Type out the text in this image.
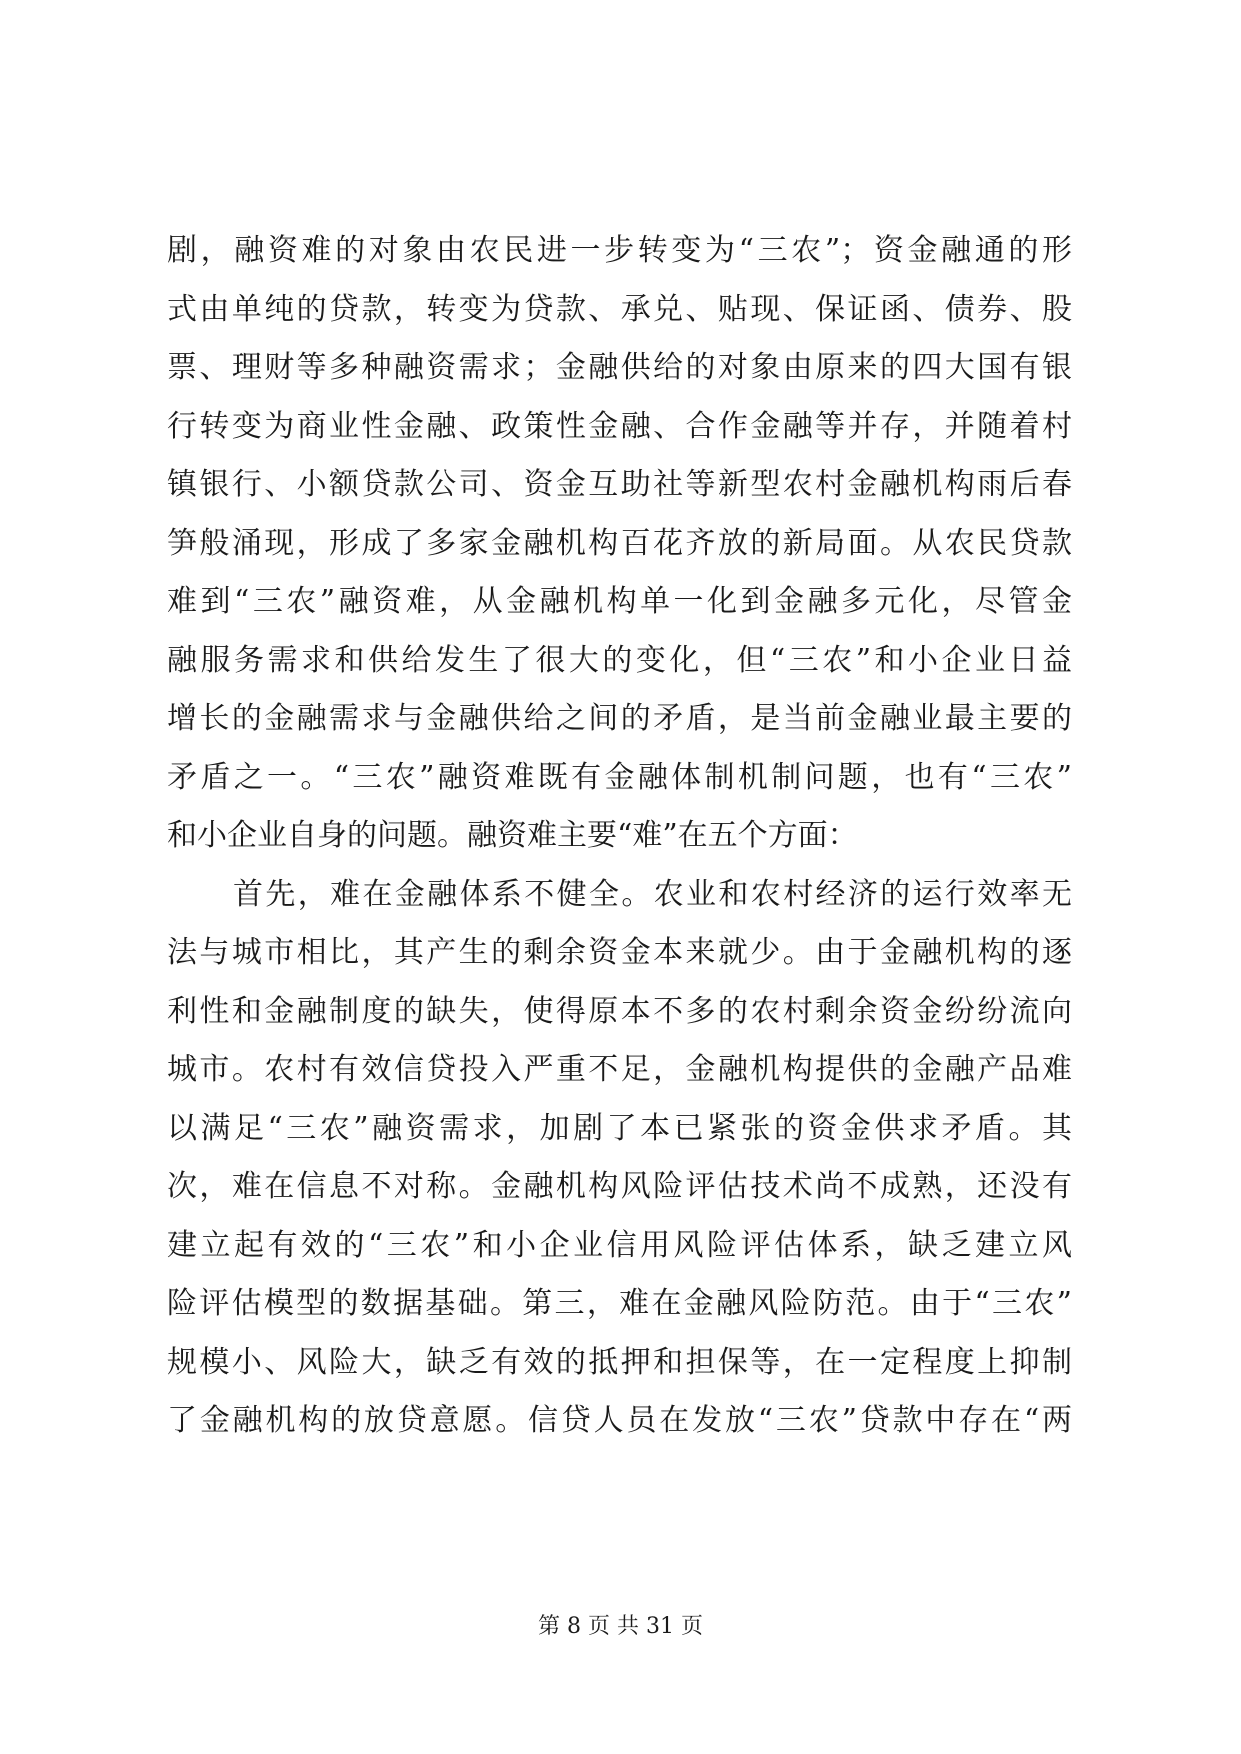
剧，融资难的对象由农民进一步转变为“三农”；资金融通的形
式由单纯的贷款，转变为贷款、承兑、贴现、保证函、债券、股
票、理财等多种融资需求；金融供给的对象由原来的四大国有银
行转变为商业性金融、政策性金融、合作金融等并存，并随着村
镇银行、小额贷款公司、资金互助社等新型农村金融机构雨后春
笋般涌现，形成了多家金融机构百花齐放的新局面。从农民贷款
难到“三农”融资难，从金融机构单一化到金融多元化，尽管金
融服务需求和供给发生了很大的变化，但“三农”和小企业日益
增长的金融需求与金融供给之间的矛盾，是当前金融业最主要的
矛盾之一。“三农”融资难既有金融体制机制问题，也有“三农”
和小企业自身的问题。融资难主要“难”在五个方面：
首先，难在金融体系不健全。农业和农村经济的运行效率无
法与城市相比，其产生的剩余资金本来就少。由于金融机构的逐
利性和金融制度的缺失，使得原本不多的农村剩余资金纷纷流向
城市。农村有效信贷投入严重不足，金融机构提供的金融产品难
以满足“三农”融资需求，加剧了本已紧张的资金供求矛盾。其
次，难在信息不对称。金融机构风险评估技术尚不成熟，还没有
建立起有效的“三农”和小企业信用风险评估体系，缺乏建立风
险评估模型的数据基础。第三，难在金融风险防范。由于“三农”
规模小、风险大，缺乏有效的抵押和担保等，在一定程度上抑制
了金融机构的放贷意愿。信贷人员在发放“三农”贷款中存在“两
第 8 页 共 31 页
